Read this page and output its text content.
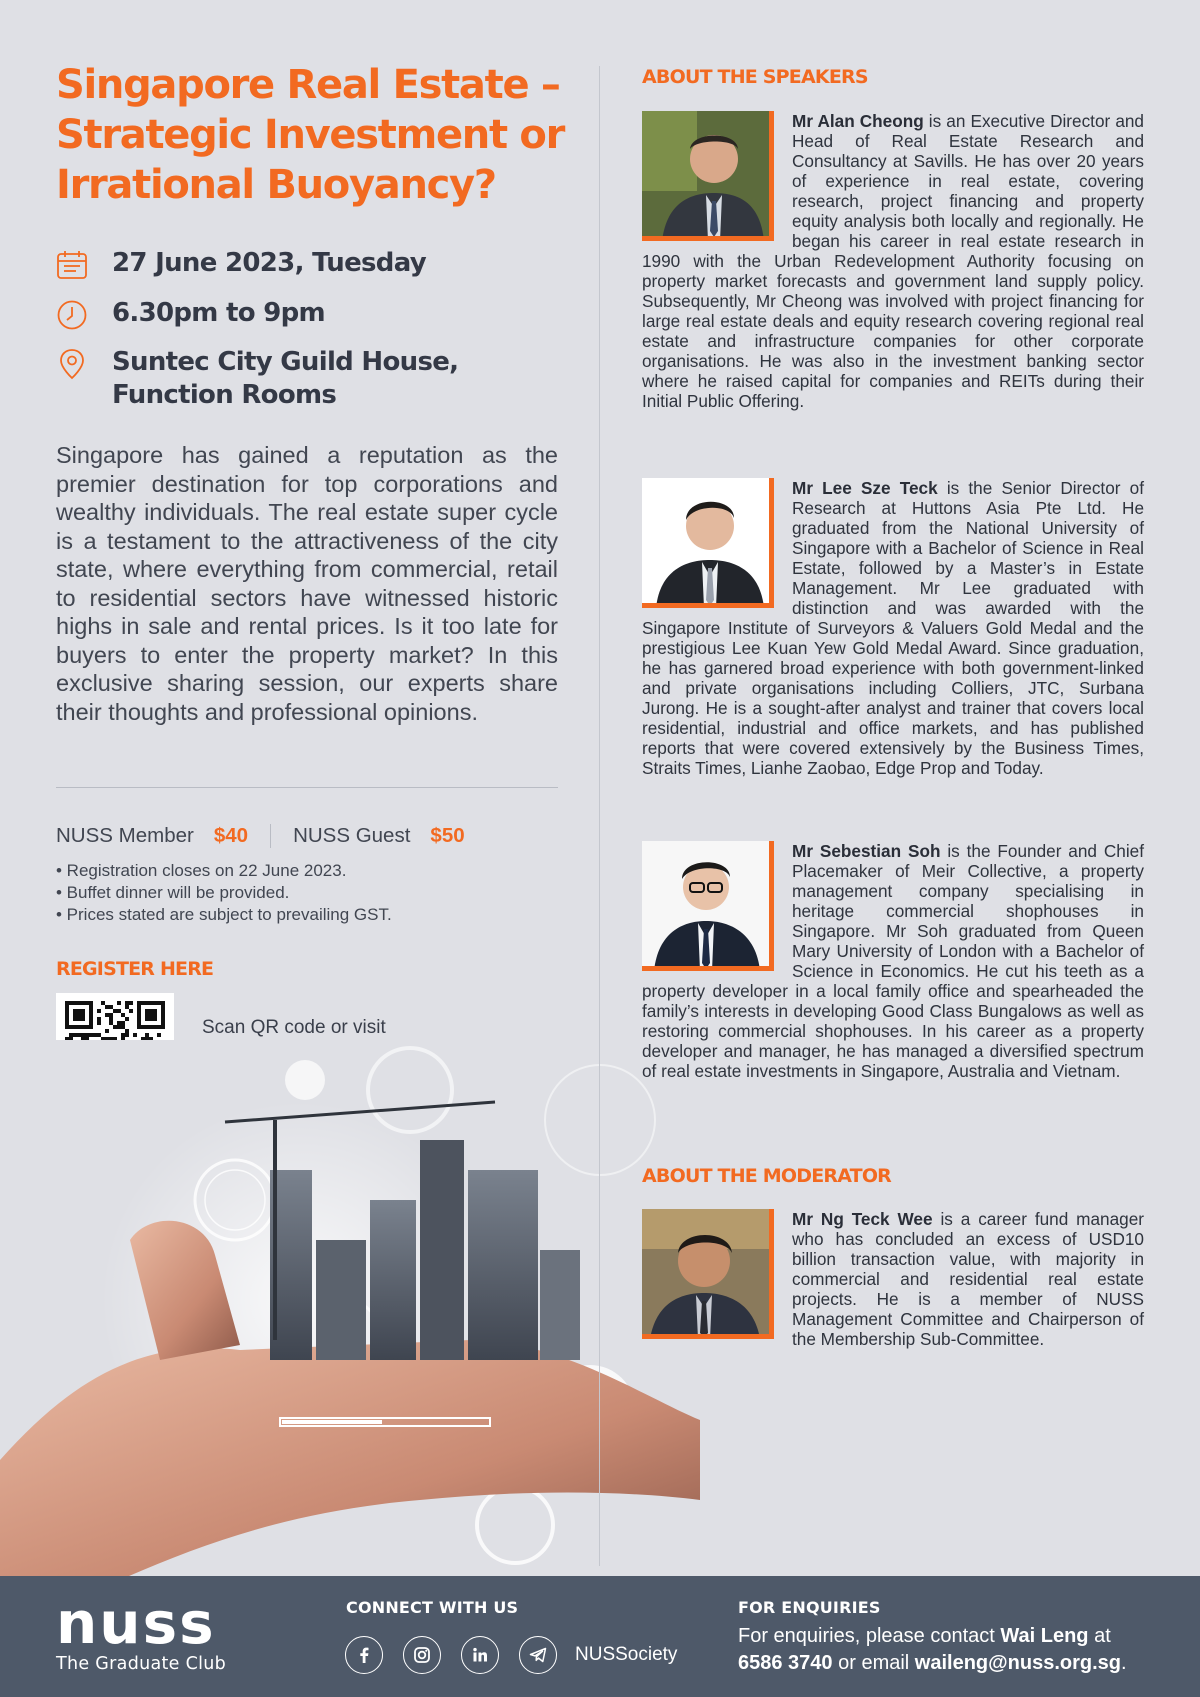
Singapore Real Estate – Strategic Investment or Irrational Buoyancy?
27 June 2023, Tuesday
6.30pm to 9pm
Suntec City Guild House, Function Rooms

Singapore has gained a reputation as the premier destination for top corporations and wealthy individuals. The real estate super cycle is a testament to the attractiveness of the city state, where everything from commercial, retail to residential sectors have witnessed historic highs in sale and rental prices. Is it too late for buyers to enter the property market? In this exclusive sharing session, our experts share their thoughts and professional opinions.

NUSS Member $40 NUSS Guest $50
• Registration closes on 22 June 2023.
• Buffet dinner will be provided.
• Prices stated are subject to prevailing GST.
REGISTER HERE
Scan QR code or visit
ABOUT THE SPEAKERS
Mr Alan Cheong is an Executive Director and Head of Real Estate Research and Consultancy at Savills. He has over 20 years of experience in real estate, covering research, project financing and property equity analysis both locally and regionally. He began his career in real estate research in 1990 with the Urban Redevelopment Authority focusing on property market forecasts and government land supply policy. Subsequently, Mr Cheong was involved with project financing for large real estate deals and equity research covering regional real estate and infrastructure companies for other corporate organisations. He was also in the investment banking sector where he raised capital for companies and REITs during their Initial Public Offering.
Mr Lee Sze Teck is the Senior Director of Research at Huttons Asia Pte Ltd. He graduated from the National University of Singapore with a Bachelor of Science in Real Estate, followed by a Master’s in Estate Management. Mr Lee graduated with distinction and was awarded with the Singapore Institute of Surveyors & Valuers Gold Medal and the prestigious Lee Kuan Yew Gold Medal Award. Since graduation, he has garnered broad experience with both government-linked and private organisations including Colliers, JTC, Surbana Jurong. He is a sought-after analyst and trainer that covers local residential, industrial and office markets, and has published reports that were covered extensively by the Business Times, Straits Times, Lianhe Zaobao, Edge Prop and Today.
Mr Sebestian Soh is the Founder and Chief Placemaker of Meir Collective, a property management company specialising in heritage commercial shophouses in Singapore. Mr Soh graduated from Queen Mary University of London with a Bachelor of Science in Economics. He cut his teeth as a property developer in a local family office and spearheaded the family’s interests in developing Good Class Bungalows as well as restoring commercial shophouses. In his career as a property developer and manager, he has managed a diversified spectrum of real estate investments in Singapore, Australia and Vietnam.
ABOUT THE MODERATOR
Mr Ng Teck Wee is a career fund manager who has concluded an excess of USD10 billion transaction value, with majority in commercial and residential real estate projects. He is a member of NUSS Management Committee and Chairperson of the Membership Sub-Committee.
nuss
The Graduate Club
CONNECT WITH US
NUSSociety
FOR ENQUIRIES
For enquiries, please contact Wai Leng at
6586 3740 or email waileng@nuss.org.sg.
